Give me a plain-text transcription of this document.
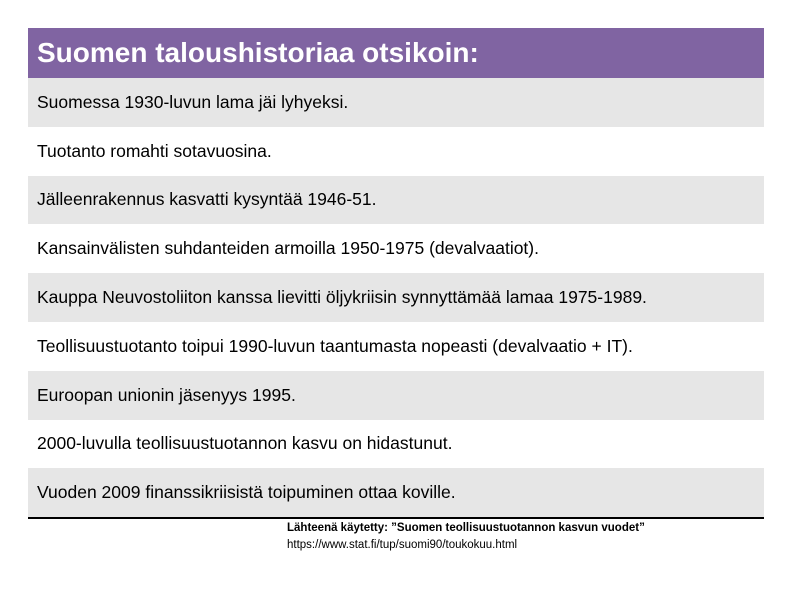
Suomen taloushistoriaa otsikoin:
Suomessa 1930-luvun lama jäi lyhyeksi.
Tuotanto romahti sotavuosina.
Jälleenrakennus kasvatti kysyntää 1946-51.
Kansainvälisten suhdanteiden armoilla 1950-1975 (devalvaatiot).
Kauppa Neuvostoliiton kanssa lievitti öljykriisin synnyttämää lamaa 1975-1989.
Teollisuustuotanto toipui 1990-luvun taantumasta nopeasti (devalvaatio + IT).
Euroopan unionin jäsenyys 1995.
2000-luvulla teollisuustuotannon kasvu on hidastunut.
Vuoden 2009 finanssikriisistä toipuminen ottaa koville.
Lähteenä käytetty: ”Suomen teollisuustuotannon kasvun vuodet”
https://www.stat.fi/tup/suomi90/toukokuu.html
